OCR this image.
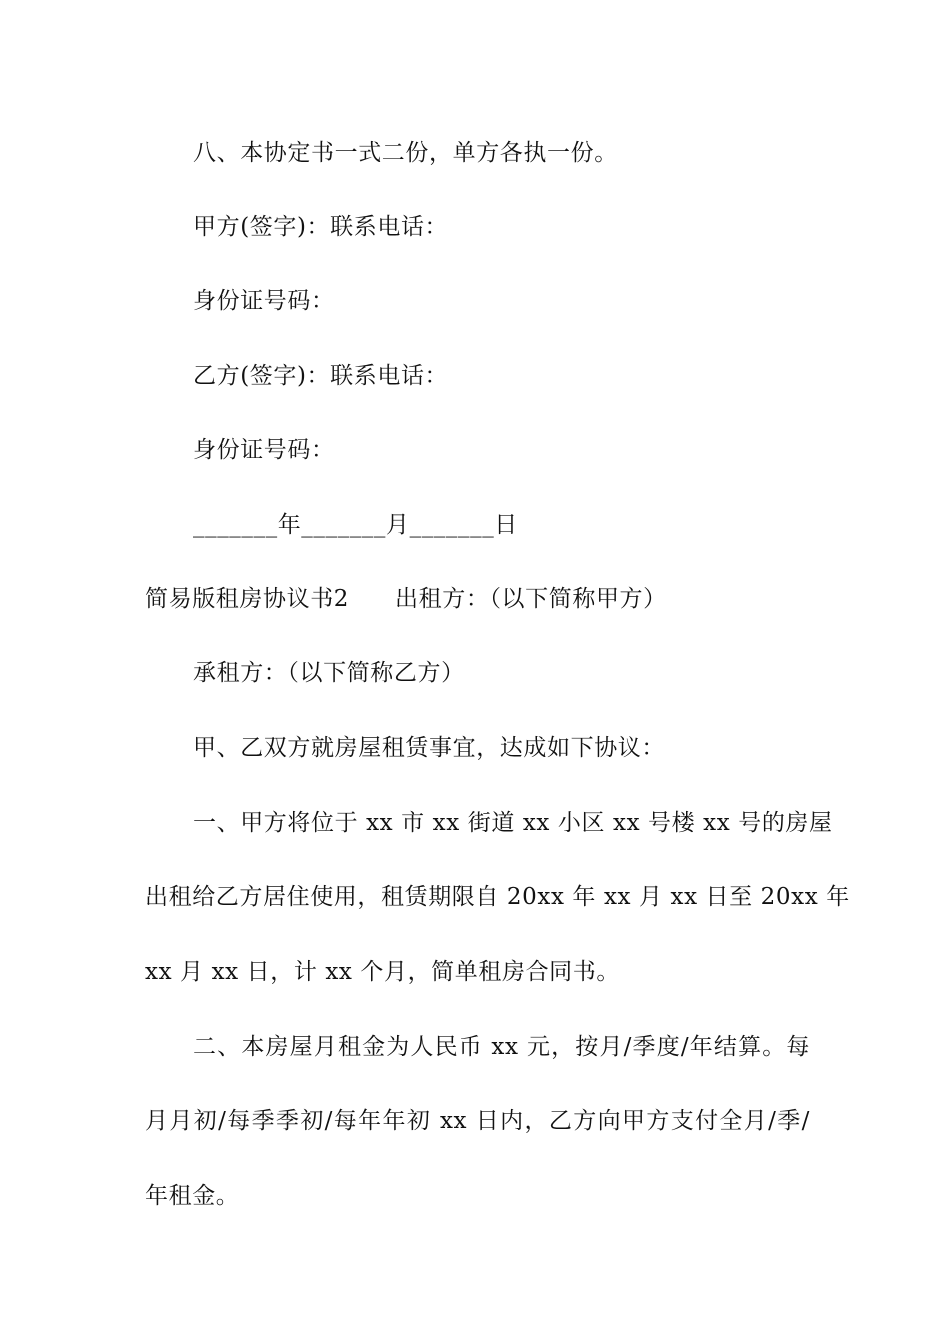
八、本协定书一式二份，单方各执一份。
甲方(签字)：联系电话：
身份证号码：
乙方(签字)：联系电话：
身份证号码：
_______年_______月_______日
简易版租房协议书2 出租方：（以下简称甲方）
承租方：（以下简称乙方）
甲、乙双方就房屋租赁事宜，达成如下协议：
一、甲方将位于 xx 市 xx 街道 xx 小区 xx 号楼 xx 号的房屋
出租给乙方居住使用，租赁期限自 20xx 年 xx 月 xx 日至 20xx 年
xx 月 xx 日，计 xx 个月，简单租房合同书。
二、本房屋月租金为人民币 xx 元，按月/季度/年结算。每
月月初/每季季初/每年年初 xx 日内，乙方向甲方支付全月/季/
年租金。
